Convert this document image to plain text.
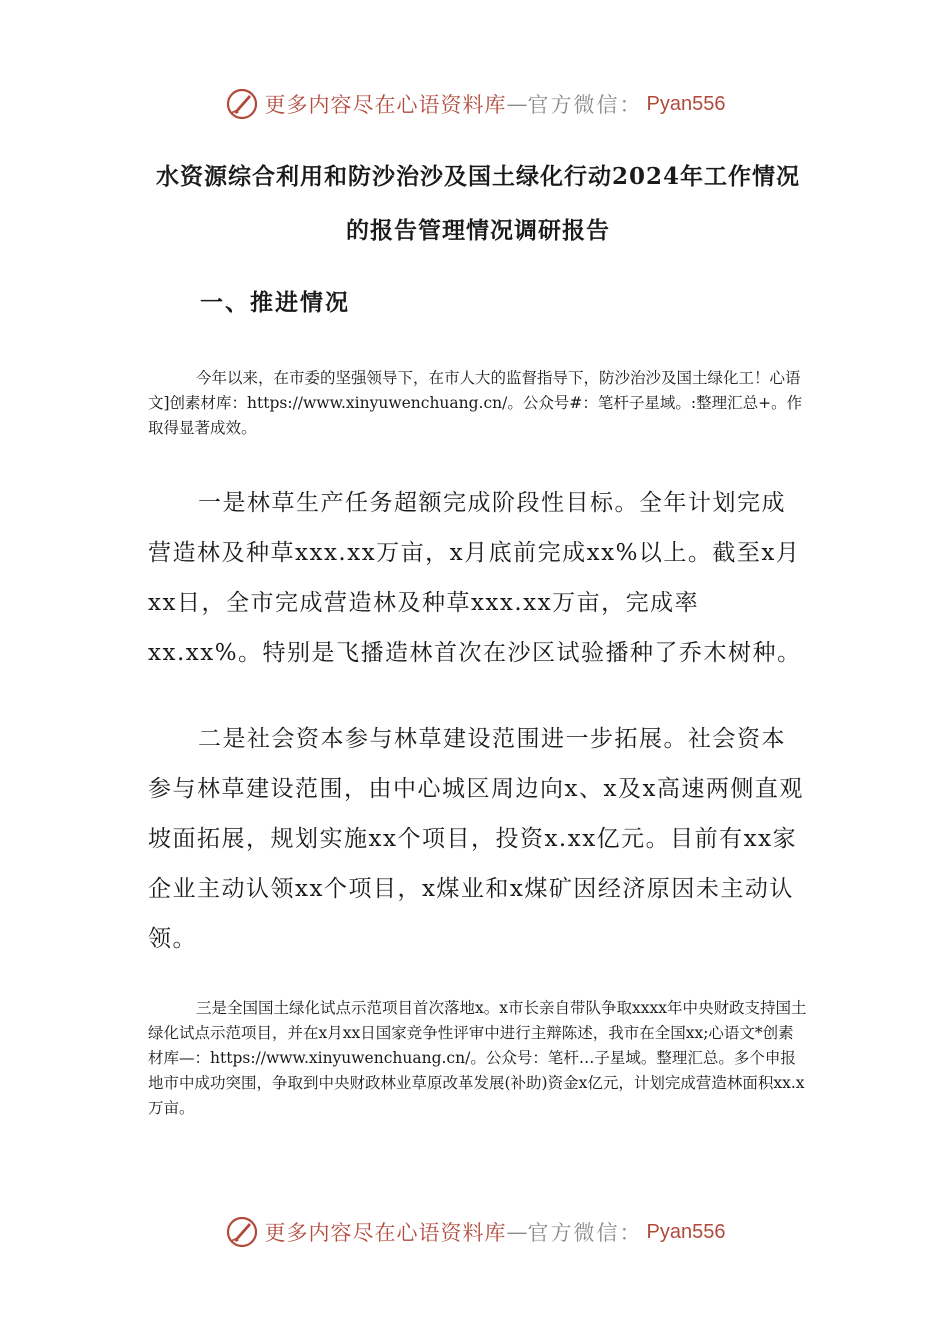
更多内容尽在心语资料库 — 官方微信： Pyan556
水资源综合利用和防沙治沙及国土绿化行动2024年工作情况的报告管理情况调研报告
一、推进情况

今年以来，在市委的坚强领导下，在市人大的监督指导下，防沙治沙及国土绿化工！心语文]创素材库：https://www.xinyuwenchuang.cn/。公众号#：笔杆子星域。:整理汇总+。作取得显著成效。

一是林草生产任务超额完成阶段性目标。全年计划完成营造林及种草xxx.xx万亩，x月底前完成xx%以上。截至x月xx日，全市完成营造林及种草xxx.xx万亩，完成率xx.xx%。特别是飞播造林首次在沙区试验播种了乔木树种。

二是社会资本参与林草建设范围进一步拓展。社会资本参与林草建设范围，由中心城区周边向x、x及x高速两侧直观坡面拓展，规划实施xx个项目，投资x.xx亿元。目前有xx家企业主动认领xx个项目，x煤业和x煤矿因经济原因未主动认领。

三是全国国土绿化试点示范项目首次落地x。x市长亲自带队争取xxxx年中央财政支持国土绿化试点示范项目，并在x月xx日国家竞争性评审中进行主辩陈述，我市在全国xx;心语文*创素材库—：https://www.xinyuwenchuang.cn/。公众号：笔杆…子星域。整理汇总。多个申报地市中成功突围，争取到中央财政林业草原改革发展(补助)资金x亿元，计划完成营造林面积xx.x万亩。

更多内容尽在心语资料库 — 官方微信： Pyan556
